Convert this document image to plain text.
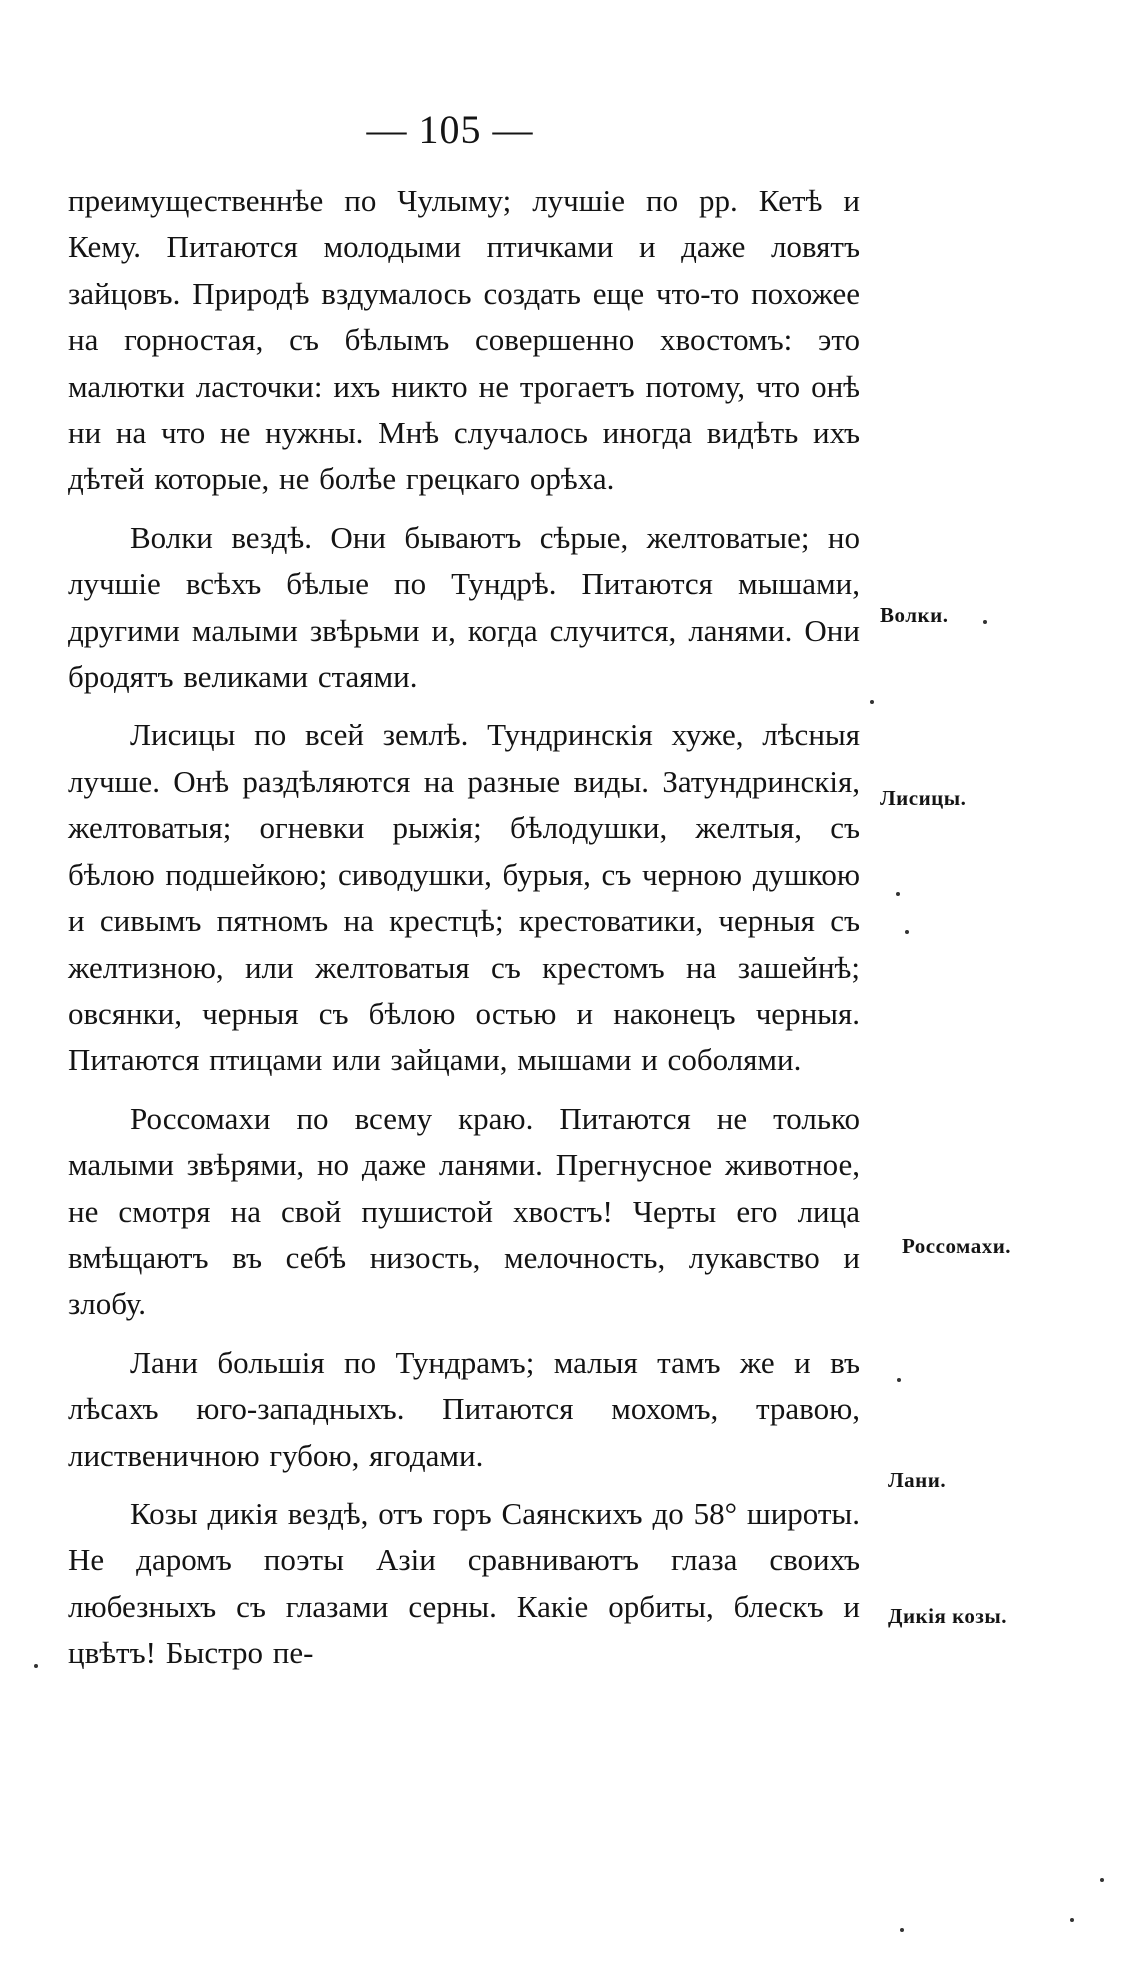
— 105 —

преимущественнѣе по Чулыму; лучшіе по рр. Кетѣ и Кему. Питаются молодыми птичками и даже ловятъ зайцовъ. Природѣ вздумалось создать еще что-то похожее на горностая, съ бѣлымъ совершенно хвостомъ: это малютки ласточки: ихъ никто не трогаетъ потому, что онѣ ни на что не нужны. Мнѣ случалось иногда видѣть ихъ дѣтей которые, не болѣе грецкаго орѣха.

Волки вездѣ. Они бываютъ сѣрые, желтоватые; но лучшіе всѣхъ бѣлые по Тундрѣ. Питаются мышами, другими малыми звѣрьми и, когда случится, ланями. Они бродятъ великами стаями.

Лисицы по всей землѣ. Тундринскія хуже, лѣсныя лучше. Онѣ раздѣляются на разные виды. Затундринскія, желтоватыя; огневки рыжія; бѣлодушки, желтыя, съ бѣлою подшейкою; сиводушки, бурыя, съ черною душкою и сивымъ пятномъ на крестцѣ; крестоватики, черныя съ желтизною, или желтоватыя съ крестомъ на зашейнѣ; овсянки, черныя съ бѣлою остью и наконецъ черныя. Питаются птицами или зайцами, мышами и соболями.

Россомахи по всему краю. Питаются не только малыми звѣрями, но даже ланями. Прегнусное животное, не смотря на свой пушистой хвостъ! Черты его лица вмѣщаютъ въ себѣ низость, мелочность, лукавство и злобу.

Лани большія по Тундрамъ; малыя тамъ же и въ лѣсахъ юго-западныхъ. Питаются мохомъ, травою, лиственичною губою, ягодами.

Козы дикія вездѣ, отъ горъ Саянскихъ до 58° широты. Не даромъ поэты Азіи сравниваютъ глаза своихъ любезныхъ съ глазами серны. Какіе орбиты, блескъ и цвѣтъ! Быстро пе-

Волки.
Лисицы.
Россомахи.
Лани.
Дикія козы.
